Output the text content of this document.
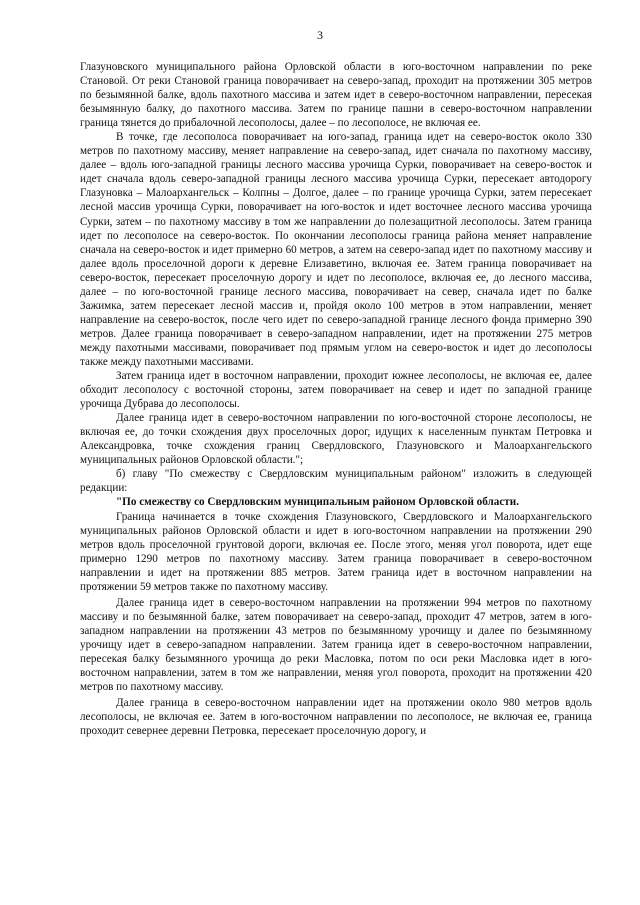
3

Глазуновского муниципального района Орловской области в юго-восточном направлении по реке Становой. От реки Становой граница поворачивает на северо-запад, проходит на протяжении 305 метров по безымянной балке, вдоль пахотного массива и затем идет в северо-восточном направлении, пересекая безымянную балку, до пахотного массива. Затем по границе пашни в северо-восточном направлении граница тянется до прибалочной лесополосы, далее – по лесополосе, не включая ее.

В точке, где лесополоса поворачивает на юго-запад, граница идет на северо-восток около 330 метров по пахотному массиву, меняет направление на северо-запад, идет сначала по пахотному массиву, далее – вдоль юго-западной границы лесного массива урочища Сурки, поворачивает на северо-восток и идет сначала вдоль северо-западной границы лесного массива урочища Сурки, пересекает автодорогу Глазуновка – Малоархангельск – Колпны – Долгое, далее – по границе урочища Сурки, затем пересекает лесной массив урочища Сурки, поворачивает на юго-восток и идет восточнее лесного массива урочища Сурки, затем – по пахотному массиву в том же направлении до полезащитной лесополосы. Затем граница идет по лесополосе на северо-восток. По окончании лесополосы граница района меняет направление сначала на северо-восток и идет примерно 60 метров, а затем на северо-запад идет по пахотному массиву и далее вдоль проселочной дороги к деревне Елизаветино, включая ее. Затем граница поворачивает на северо-восток, пересекает проселочную дорогу и идет по лесополосе, включая ее, до лесного массива, далее – по юго-восточной границе лесного массива, поворачивает на север, сначала идет по балке Зажимка, затем пересекает лесной массив и, пройдя около 100 метров в этом направлении, меняет направление на северо-восток, после чего идет по северо-западной границе лесного фонда примерно 390 метров. Далее граница поворачивает в северо-западном направлении, идет на протяжении 275 метров между пахотными массивами, поворачивает под прямым углом на северо-восток и идет до лесополосы также между пахотными массивами.

Затем граница идет в восточном направлении, проходит южнее лесополосы, не включая ее, далее обходит лесополосу с восточной стороны, затем поворачивает на север и идет по западной границе урочища Дубрава до лесополосы.

Далее граница идет в северо-восточном направлении по юго-восточной стороне лесополосы, не включая ее, до точки схождения двух проселочных дорог, идущих к населенным пунктам Петровка и Александровка, точке схождения границ Свердловского, Глазуновского и Малоархангельского муниципальных районов Орловской области.";

б) главу "По смежеству с Свердловским муниципальным районом" изложить в следующей редакции:

"По смежеству со Свердловским муниципальным районом Орловской области.

Граница начинается в точке схождения Глазуновского, Свердловского и Малоархангельского муниципальных районов Орловской области и идет в юго-восточном направлении на протяжении 290 метров вдоль проселочной грунтовой дороги, включая ее. После этого, меняя угол поворота, идет еще примерно 1290 метров по пахотному массиву. Затем граница поворачивает в северо-восточном направлении и идет на протяжении 885 метров. Затем граница идет в восточном направлении на протяжении 59 метров также по пахотному массиву.

Далее граница идет в северо-восточном направлении на протяжении 994 метров по пахотному массиву и по безымянной балке, затем поворачивает на северо-запад, проходит 47 метров, затем в юго-западном направлении на протяжении 43 метров по безымянному урочищу и далее по безымянному урочищу идет в северо-западном направлении. Затем граница идет в северо-восточном направлении, пересекая балку безымянного урочища до реки Масловка, потом по оси реки Масловка идет в юго-восточном направлении, затем в том же направлении, меняя угол поворота, проходит на протяжении 420 метров по пахотному массиву.

Далее граница в северо-восточном направлении идет на протяжении около 980 метров вдоль лесополосы, не включая ее. Затем в юго-восточном направлении по лесополосе, не включая ее, граница проходит севернее деревни Петровка, пересекает проселочную дорогу, и
